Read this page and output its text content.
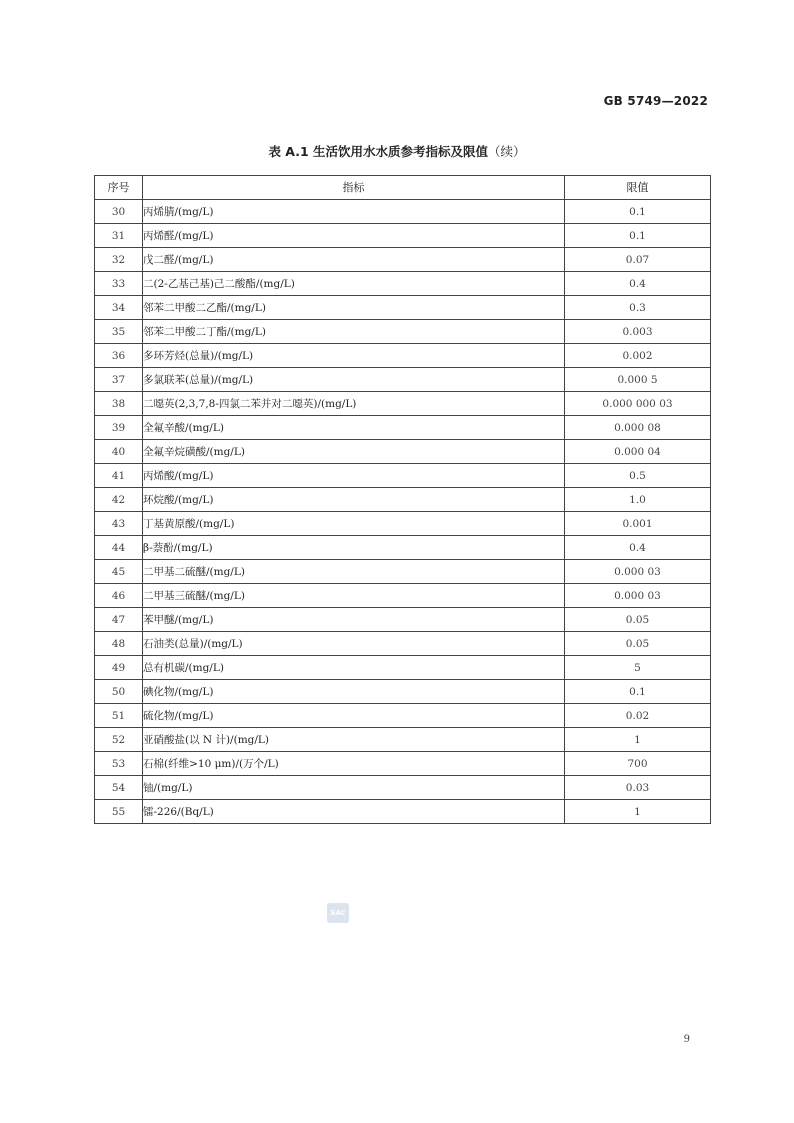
GB 5749—2022
表 A.1 生活饮用水水质参考指标及限值（续）
序号	指标	限值
30	丙烯腈/(mg/L)	0.1
31	丙烯醛/(mg/L)	0.1
32	戊二醛/(mg/L)	0.07
33	二(2-乙基己基)己二酸酯/(mg/L)	0.4
34	邻苯二甲酸二乙酯/(mg/L)	0.3
35	邻苯二甲酸二丁酯/(mg/L)	0.003
36	多环芳烃(总量)/(mg/L)	0.002
37	多氯联苯(总量)/(mg/L)	0.000 5
38	二噁英(2,3,7,8-四氯二苯并对二噁英)/(mg/L)	0.000 000 03
39	全氟辛酸/(mg/L)	0.000 08
40	全氟辛烷磺酸/(mg/L)	0.000 04
41	丙烯酸/(mg/L)	0.5
42	环烷酸/(mg/L)	1.0
43	丁基黄原酸/(mg/L)	0.001
44	β-萘酚/(mg/L)	0.4
45	二甲基二硫醚/(mg/L)	0.000 03
46	二甲基三硫醚/(mg/L)	0.000 03
47	苯甲醚/(mg/L)	0.05
48	石油类(总量)/(mg/L)	0.05
49	总有机碳/(mg/L)	5
50	碘化物/(mg/L)	0.1
51	硫化物/(mg/L)	0.02
52	亚硝酸盐(以 N 计)/(mg/L)	1
53	石棉(纤维>10 μm)/(万个/L)	700
54	铀/(mg/L)	0.03
55	镭-226/(Bq/L)	1
SAC
9
